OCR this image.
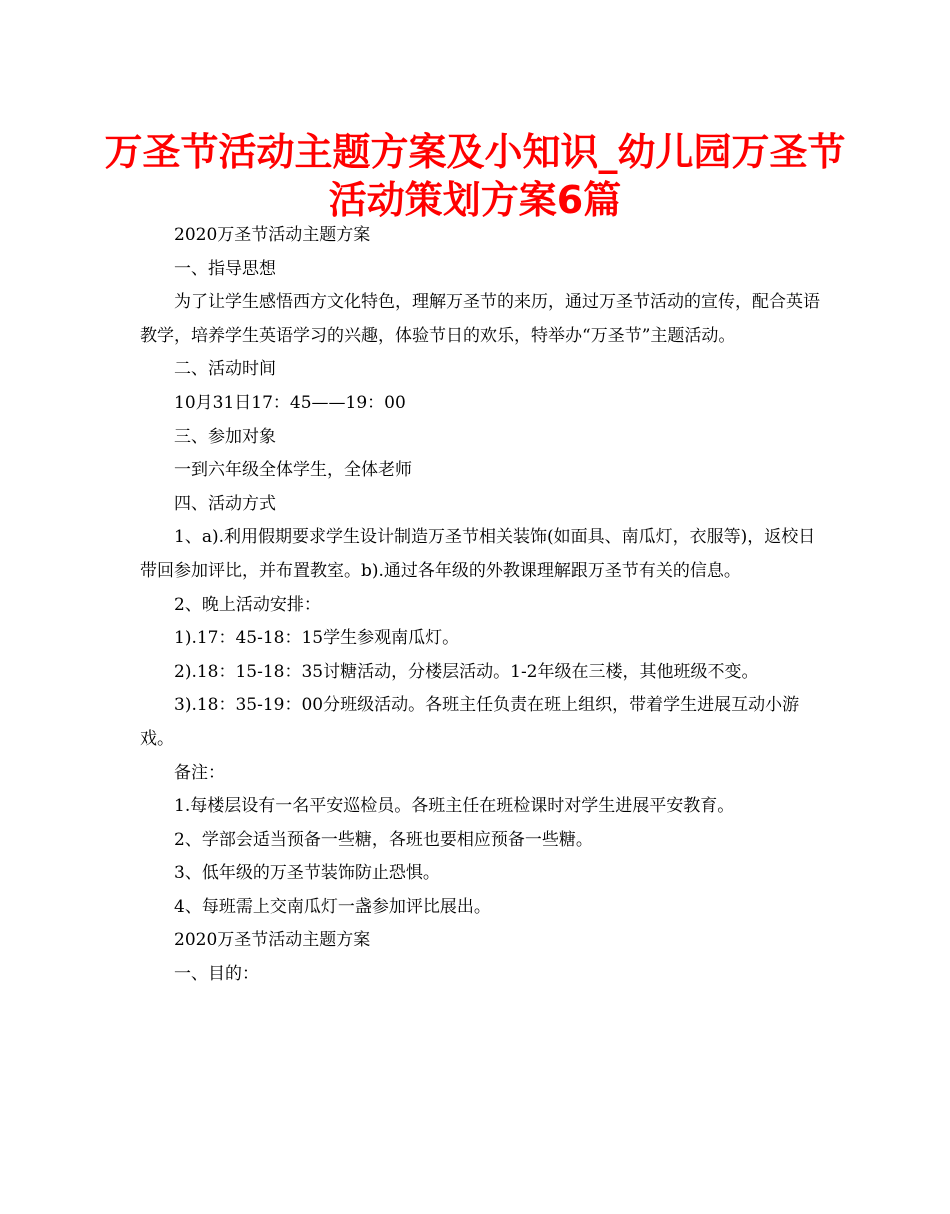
万圣节活动主题方案及小知识_幼儿园万圣节活动策划方案6篇

2020万圣节活动主题方案

一、指导思想

为了让学生感悟西方文化特色，理解万圣节的来历，通过万圣节活动的宣传，配合英语教学，培养学生英语学习的兴趣，体验节日的欢乐，特举办“万圣节”主题活动。

二、活动时间

10月31日17：45——19：00

三、参加对象

一到六年级全体学生，全体老师

四、活动方式

1、a).利用假期要求学生设计制造万圣节相关装饰(如面具、南瓜灯，衣服等)，返校日带回参加评比，并布置教室。b).通过各年级的外教课理解跟万圣节有关的信息。

2、晚上活动安排：

1).17：45-18：15学生参观南瓜灯。

2).18：15-18：35讨糖活动，分楼层活动。1-2年级在三楼，其他班级不变。

3).18：35-19：00分班级活动。各班主任负责在班上组织，带着学生进展互动小游戏。

备注：

1.每楼层设有一名平安巡检员。各班主任在班检课时对学生进展平安教育。

2、学部会适当预备一些糖，各班也要相应预备一些糖。

3、低年级的万圣节装饰防止恐惧。

4、每班需上交南瓜灯一盏参加评比展出。

2020万圣节活动主题方案

一、目的：
